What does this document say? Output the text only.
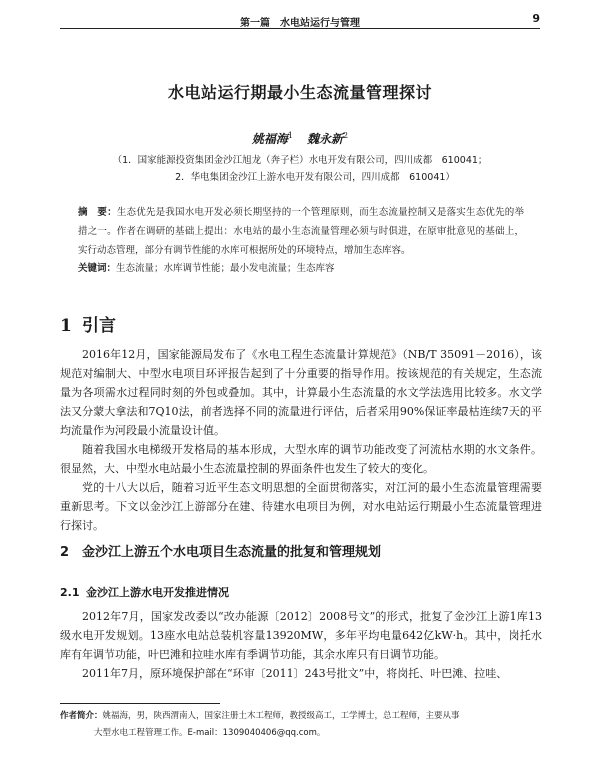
第一篇　水电站运行与管理	9
水电站运行期最小生态流量管理探讨
姚福海$^1$ 魏永新$^2$
（1．国家能源投资集团金沙江旭龙（奔子栏）水电开发有限公司，四川成都　610041；
2．华电集团金沙江上游水电开发有限公司，四川成都　610041）
摘　要：生态优先是我国水电开发必须长期坚持的一个管理原则，而生态流量控制又是落实生态优先的举措之一。作者在调研的基础上提出：水电站的最小生态流量管理必须与时俱进，在原审批意见的基础上，实行动态管理，部分有调节性能的水库可根据所处的环境特点，增加生态库容。
关键词：生态流量；水库调节性能；最小发电流量；生态库容
1 引言

2016年12月，国家能源局发布了《水电工程生态流量计算规范》（NB/T 35091－2016），该规范对编制大、中型水电项目环评报告起到了十分重要的指导作用。按该规范的有关规定，生态流量为各项需水过程同时刻的外包或叠加。其中，计算最小生态流量的水文学法选用比较多。水文学法又分蒙大拿法和7Q10法，前者选择不同的流量进行评估，后者采用90%保证率最枯连续7天的平均流量作为河段最小流量设计值。

随着我国水电梯级开发格局的基本形成，大型水库的调节功能改变了河流枯水期的水文条件。很显然，大、中型水电站最小生态流量控制的界面条件也发生了较大的变化。

党的十八大以后，随着习近平生态文明思想的全面贯彻落实，对江河的最小生态流量管理需要重新思考。下文以金沙江上游部分在建、待建水电项目为例，对水电站运行期最小生态流量管理进行探讨。

2 金沙江上游五个水电项目生态流量的批复和管理规划
2.1 金沙江上游水电开发推进情况

2012年7月，国家发改委以“改办能源〔2012〕2008号文”的形式，批复了金沙江上游1库13级水电开发规划。13座水电站总装机容量13920MW，多年平均电量642亿kW·h。其中，岗托水库有年调节功能，叶巴滩和拉哇水库有季调节功能，其余水库只有日调节功能。

2011年7月，原环境保护部在“环审〔2011〕243号批文”中，将岗托、叶巴滩、拉哇、

作者简介：姚福海，男，陕西渭南人，国家注册土木工程师，教授级高工，工学博士，总工程师，主要从事
大型水电工程管理工作。E-mail：1309040406@qq.com。
